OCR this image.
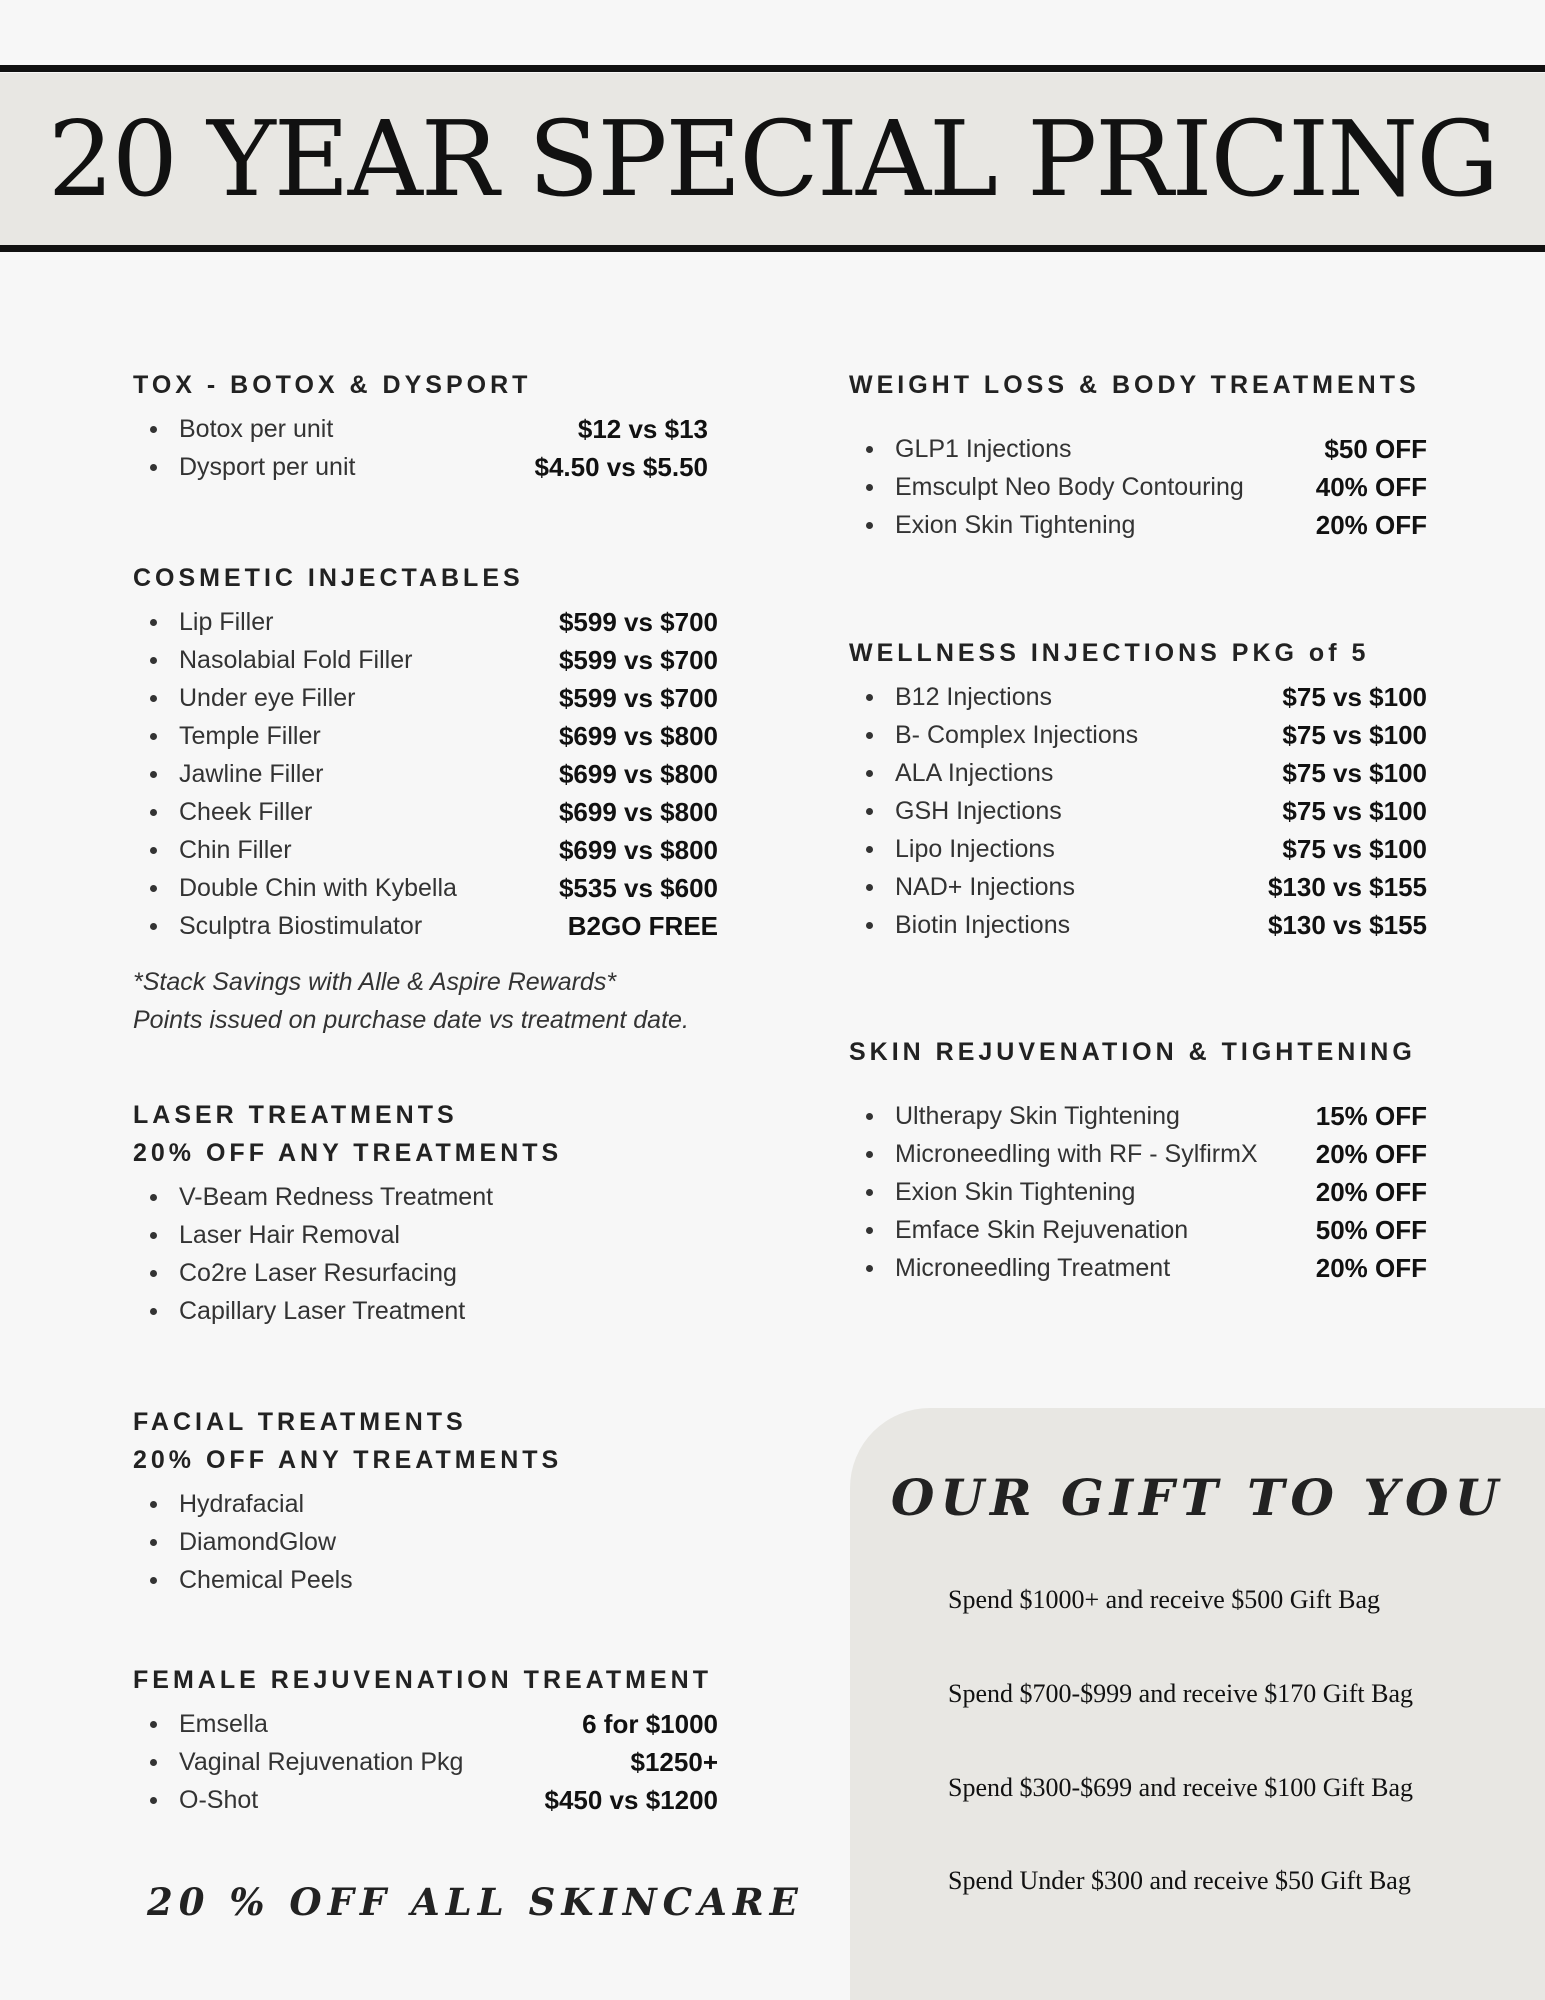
20 YEAR SPECIAL PRICING

TOX - BOTOX & DYSPORT

Botox per unit	$12 vs $13
Dysport per unit	$4.50 vs $5.50

COSMETIC INJECTABLES

Lip Filler	$599 vs $700
Nasolabial Fold Filler	$599 vs $700
Under eye Filler	$599 vs $700
Temple Filler	$699 vs $800
Jawline Filler	$699 vs $800
Cheek Filler	$699 vs $800
Chin Filler	$699 vs $800
Double Chin with Kybella	$535 vs $600
Sculptra Biostimulator	B2GO FREE
*Stack Savings with Alle & Aspire Rewards*
Points issued on purchase date vs treatment date.

LASER TREATMENTS

20% OFF ANY TREATMENTS

V-Beam Redness Treatment
Laser Hair Removal
Co2re Laser Resurfacing
Capillary Laser Treatment

FACIAL TREATMENTS

20% OFF ANY TREATMENTS

Hydrafacial
DiamondGlow
Chemical Peels

FEMALE REJUVENATION TREATMENT

Emsella	6 for $1000
Vaginal Rejuvenation Pkg	$1250+
O-Shot	$450 vs $1200
20 % OFF ALL SKINCARE

WEIGHT LOSS & BODY TREATMENTS

GLP1 Injections	$50 OFF
Emsculpt Neo Body Contouring	40% OFF
Exion Skin Tightening	20% OFF

WELLNESS INJECTIONS PKG of 5

B12 Injections	$75 vs $100
B- Complex Injections	$75 vs $100
ALA Injections	$75 vs $100
GSH Injections	$75 vs $100
Lipo Injections	$75 vs $100
NAD+ Injections	$130 vs $155
Biotin Injections	$130 vs $155

SKIN REJUVENATION & TIGHTENING

Ultherapy Skin Tightening	15% OFF
Microneedling with RF - SylfirmX 20% OFF
Exion Skin Tightening	20% OFF
Emface Skin Rejuvenation	50% OFF
Microneedling Treatment	20% OFF

OUR GIFT TO YOU

Spend $1000+ and receive $500 Gift Bag
Spend $700-$999 and receive $170 Gift Bag
Spend $300-$699 and receive $100 Gift Bag
Spend Under $300 and receive $50 Gift Bag
